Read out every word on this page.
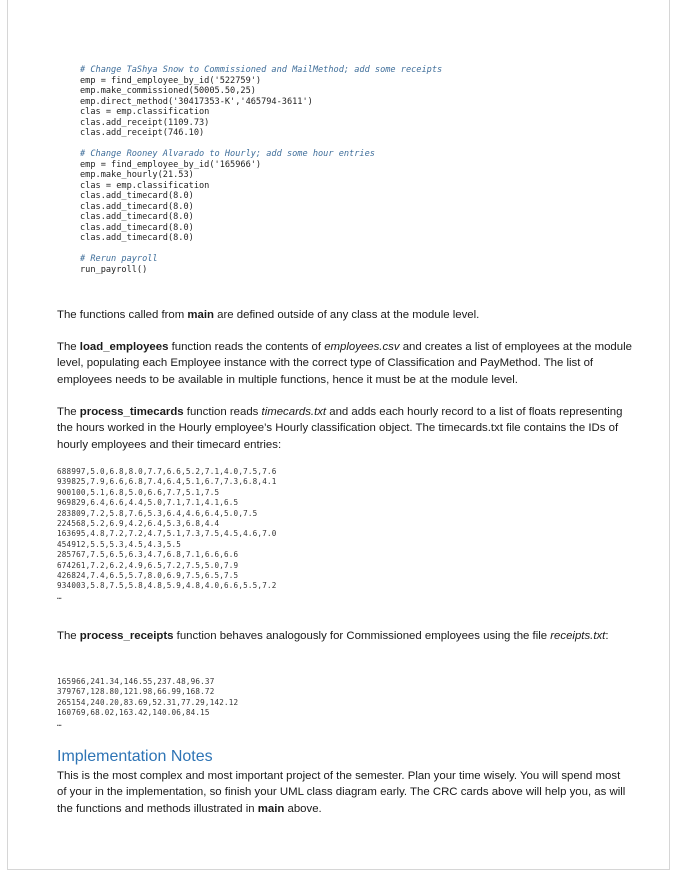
# Change TaShya Snow to Commissioned and MailMethod; add some receipts
emp = find_employee_by_id('522759')
emp.make_commissioned(50005.50,25)
emp.direct_method('30417353-K','465794-3611')
clas = emp.classification
clas.add_receipt(1109.73)
clas.add_receipt(746.10)

# Change Rooney Alvarado to Hourly; add some hour entries
emp = find_employee_by_id('165966')
emp.make_hourly(21.53)
clas = emp.classification
clas.add_timecard(8.0)
clas.add_timecard(8.0)
clas.add_timecard(8.0)
clas.add_timecard(8.0)
clas.add_timecard(8.0)

# Rerun payroll
run_payroll()

The functions called from main are defined outside of any class at the module level.

The load_employees function reads the contents of employees.csv and creates a list of employees at the module level, populating each Employee instance with the correct type of Classification and PayMethod. The list of employees needs to be available in multiple functions, hence it must be at the module level.

The process_timecards function reads timecards.txt and adds each hourly record to a list of floats representing the hours worked in the Hourly employee’s Hourly classification object. The timecards.txt file contains the IDs of hourly employees and their timecard entries:

688997,5.0,6.8,8.0,7.7,6.6,5.2,7.1,4.0,7.5,7.6
939825,7.9,6.6,6.8,7.4,6.4,5.1,6.7,7.3,6.8,4.1
900100,5.1,6.8,5.0,6.6,7.7,5.1,7.5
969829,6.4,6.6,4.4,5.0,7.1,7.1,4.1,6.5
283809,7.2,5.8,7.6,5.3,6.4,4.6,6.4,5.0,7.5
224568,5.2,6.9,4.2,6.4,5.3,6.8,4.4
163695,4.8,7.2,7.2,4.7,5.1,7.3,7.5,4.5,4.6,7.0
454912,5.5,5.3,4.5,4.3,5.5
285767,7.5,6.5,6.3,4.7,6.8,7.1,6.6,6.6
674261,7.2,6.2,4.9,6.5,7.2,7.5,5.0,7.9
426824,7.4,6.5,5.7,8.0,6.9,7.5,6.5,7.5
934003,5.8,7.5,5.8,4.8,5.9,4.8,4.0,6.6,5.5,7.2
…

The process_receipts function behaves analogously for Commissioned employees using the file receipts.txt:

165966,241.34,146.55,237.48,96.37
379767,128.80,121.98,66.99,168.72
265154,240.20,83.69,52.31,77.29,142.12
160769,68.02,163.42,140.06,84.15
…

Implementation Notes

This is the most complex and most important project of the semester. Plan your time wisely. You will spend most of your in the implementation, so finish your UML class diagram early. The CRC cards above will help you, as will the functions and methods illustrated in main above.
